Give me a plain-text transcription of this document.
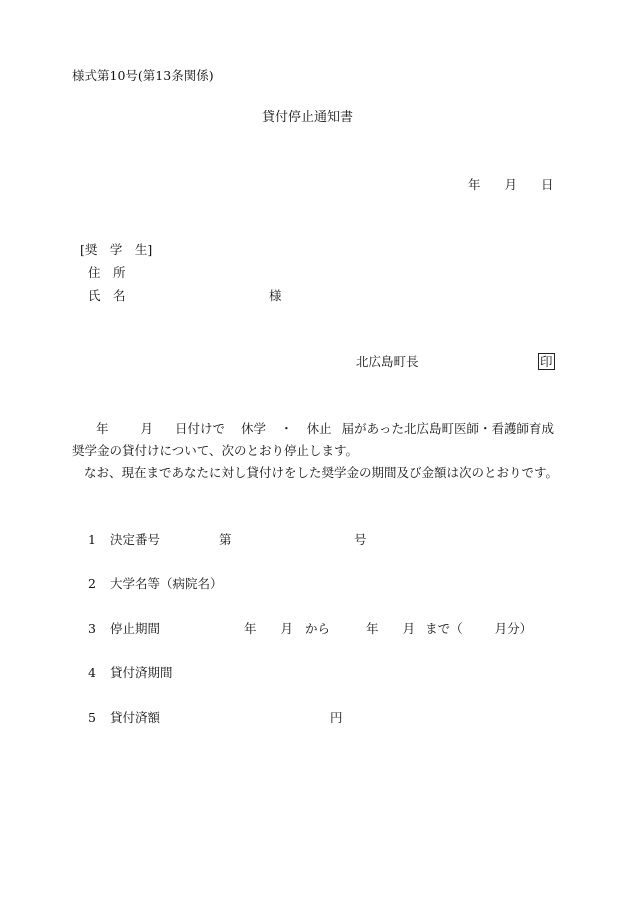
様式第10号(第13条関係)
貸付停止通知書
年 月 日
[奨　学　生]
住　所
氏　名	様
北広島町長	印
年	月 日付けで 休学 ・ 休止 届があった北広島町医師・看護師育成
奨学金の貸付けについて、次のとおり停止します。
なお、現在まであなたに対し貸付けをした奨学金の期間及び金額は次のとおりです。
1 決定番号	第	号
2 大学名等（病院名）
3 停止期間	年 月 から	年 月 まで（	月分）
4 貸付済期間
5 貸付済額	円
